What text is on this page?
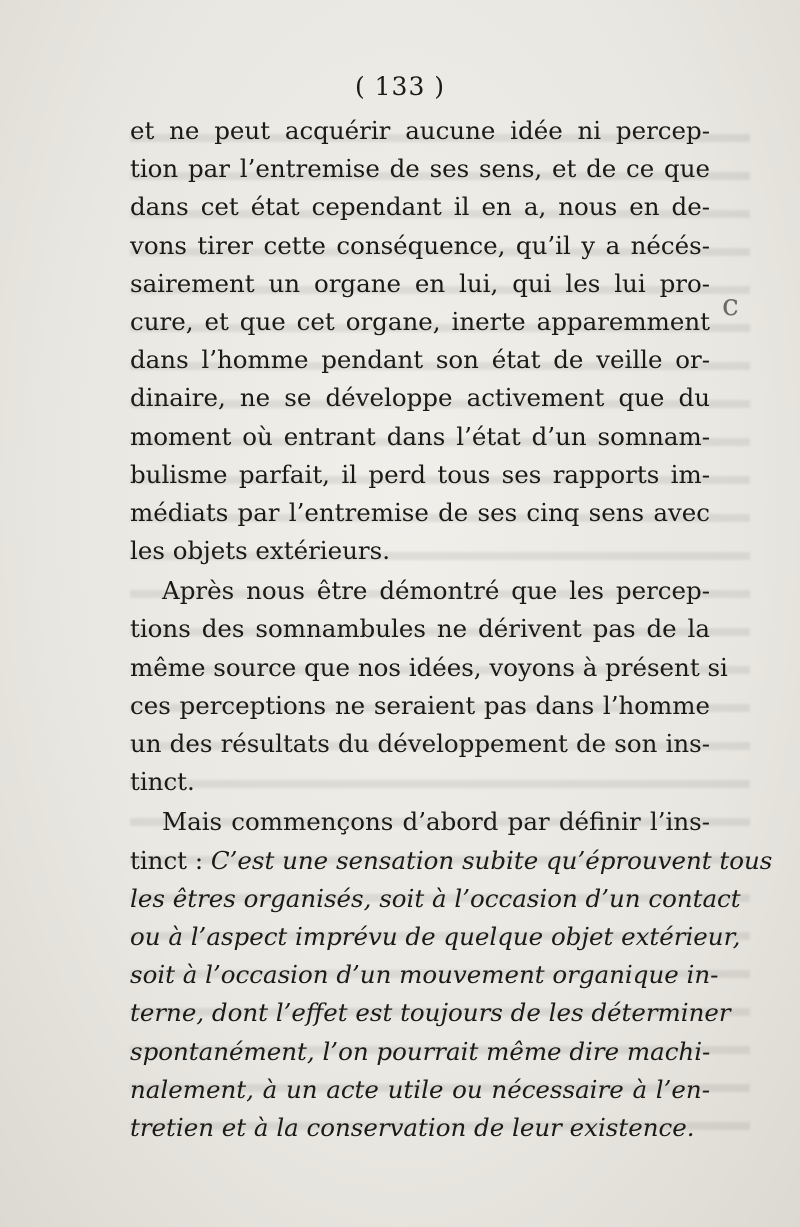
( 133 )
c
et ne peut acquérir aucune idée ni percep-
tion par l’entremise de ses sens, et de ce que
dans cet état cependant il en a, nous en de-
vons tirer cette conséquence, qu’il y a nécés-
sairement un organe en lui, qui les lui pro-
cure, et que cet organe, inerte apparemment
dans l’homme pendant son état de veille or-
dinaire, ne se développe activement que du
moment où entrant dans l’état d’un somnam-
bulisme parfait, il perd tous ses rapports im-
médiats par l’entremise de ses cinq sens avec
les objets extérieurs.
Après nous être démontré que les percep-
tions des somnambules ne dérivent pas de la
même source que nos idées, voyons à présent si
ces perceptions ne seraient pas dans l’homme
un des résultats du développement de son ins-
tinct.
Mais commençons d’abord par définir l’ins-
tinct : C’est une sensation subite qu’éprouvent tous
les êtres organisés, soit à l’occasion d’un contact
ou à l’aspect imprévu de quelque objet extérieur,
soit à l’occasion d’un mouvement organique in-
terne, dont l’effet est toujours de les déterminer
spontanément, l’on pourrait même dire machi-
nalement, à un acte utile ou nécessaire à l’en-
tretien et à la conservation de leur existence.
